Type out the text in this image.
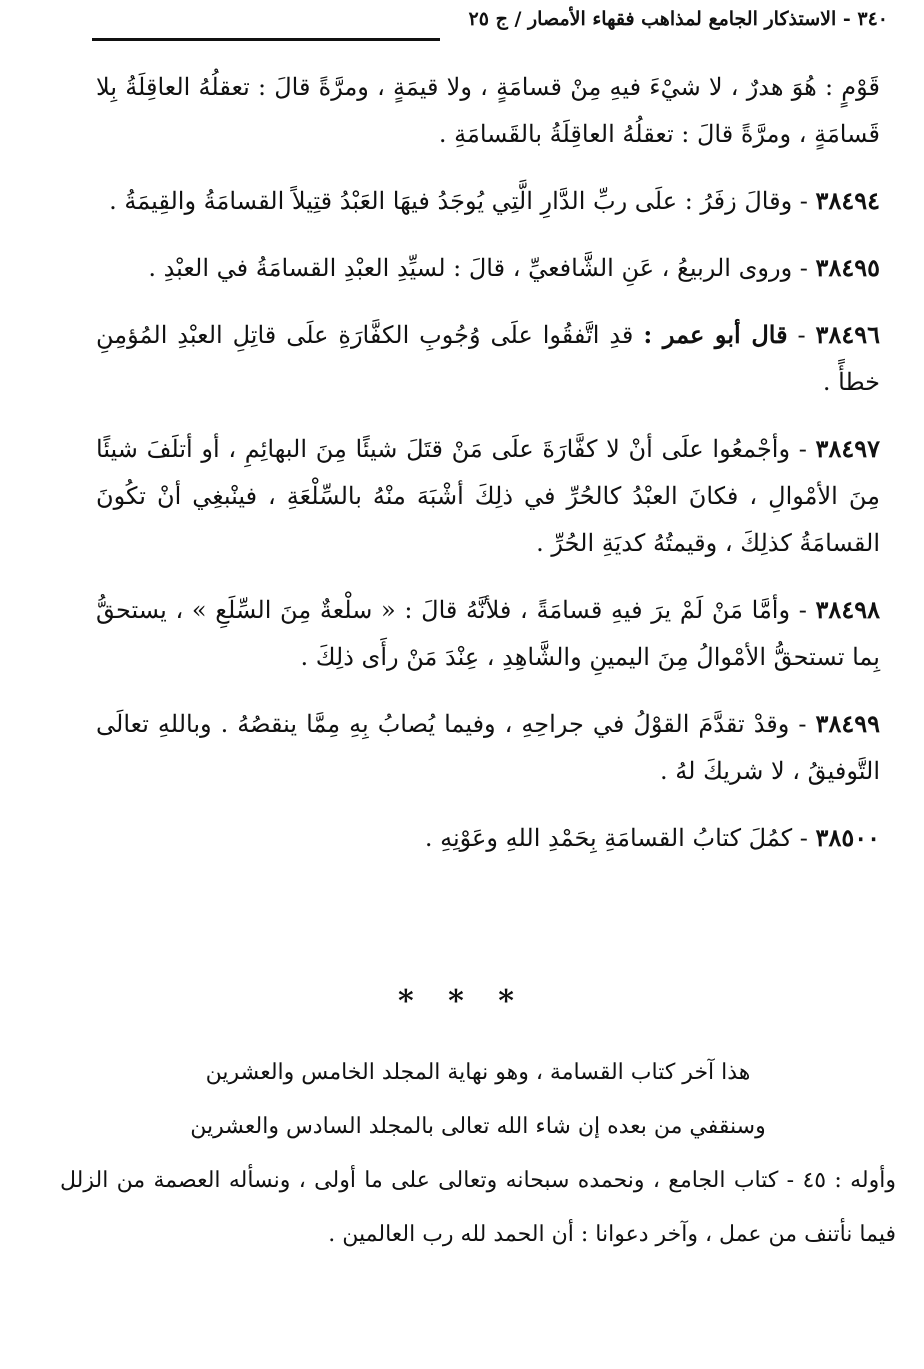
٣٤٠ - الاستذكار الجامع لمذاهب فقهاء الأمصار / ج ٢٥

قَوْمٍ : هُوَ هدرٌ ، لا شيْءَ فيهِ مِنْ قسامَةٍ ، ولا قيمَةٍ ، ومرَّةً قالَ : تعقلُهُ العاقِلَةُ بِلا قَسامَةٍ ، ومرَّةً قالَ : تعقلُهُ العاقِلَةُ بالقَسامَةِ .

٣٨٤٩٤ - وقالَ زفَرُ : علَى ربِّ الدَّارِ الَّتِي يُوجَدُ فيهَا العَبْدُ قتِيلاً القسامَةُ والقِيمَةُ .

٣٨٤٩٥ - وروى الربيعُ ، عَنِ الشَّافعيِّ ، قالَ : لسيِّدِ العبْدِ القسامَةُ في العبْدِ .

٣٨٤٩٦ - قال أبو عمر : قدِ اتَّفقُوا علَى وُجُوبِ الكفَّارَةِ علَى قاتِلِ العبْدِ المُؤمِنِ خطأً .

٣٨٤٩٧ - وأجْمعُوا علَى أنْ لا كفَّارَةَ علَى مَنْ قتَلَ شيئًا مِنَ البهائِمِ ، أو أتلَفَ شيئًا مِنَ الأمْوالِ ، فكانَ العبْدُ كالحُرِّ في ذلِكَ أشْبَهَ منْهُ بالسِّلْعَةِ ، فينْبغِي أنْ تكُونَ القسامَةُ كذلِكَ ، وقيمتُهُ كديَةِ الحُرِّ .

٣٨٤٩٨ - وأمَّا مَنْ لَمْ يرَ فيهِ قسامَةً ، فلأنَّهُ قالَ : « سلْعةٌ مِنَ السِّلَعِ » ، يستحقُّ بِما تستحقُّ الأمْوالُ مِنَ اليمينِ والشَّاهِدِ ، عِنْدَ مَنْ رأَى ذلِكَ .

٣٨٤٩٩ - وقدْ تقدَّمَ القوْلُ في جراحِهِ ، وفيما يُصابُ بِهِ مِمَّا ينقصُهُ . وباللهِ تعالَى التَّوفيقُ ، لا شريكَ لهُ .

٣٨٥٠٠ - كمُلَ كتابُ القسامَةِ بِحَمْدِ اللهِ وعَوْنِهِ .

* * *

هذا آخر كتاب القسامة ، وهو نهاية المجلد الخامس والعشرين

وسنقفي من بعده إن شاء الله تعالى بالمجلد السادس والعشرين

وأوله : ٤٥ - كتاب الجامع ، ونحمده سبحانه وتعالى على ما أولى ، ونسأله العصمة من الزلل فيما نأتنف من عمل ، وآخر دعوانا : أن الحمد لله رب العالمين .
